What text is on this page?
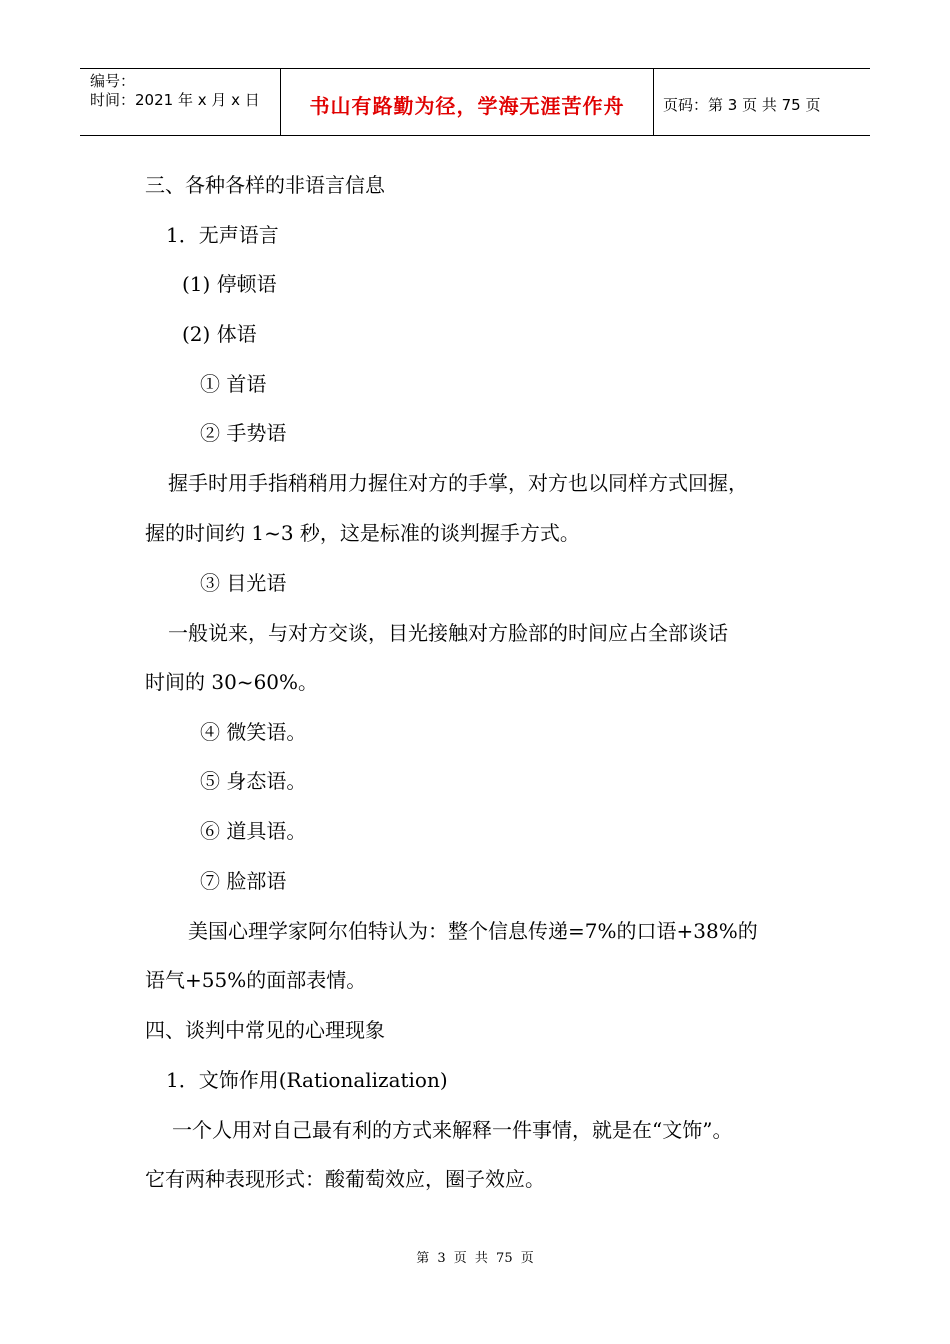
编号：
时间：2021 年 x 月 x 日	书山有路勤为径，学海无涯苦作舟	页码：第 3 页 共 75 页
三、各种各样的非语言信息
1．无声语言
(1) 停顿语
(2) 体语
① 首语
② 手势语
握手时用手指稍稍用力握住对方的手掌，对方也以同样方式回握，
握的时间约 1~3 秒，这是标准的谈判握手方式。
③ 目光语
一般说来，与对方交谈，目光接触对方脸部的时间应占全部谈话
时间的 30~60%。
④ 微笑语。
⑤ 身态语。
⑥ 道具语。
⑦ 脸部语
美国心理学家阿尔伯特认为：整个信息传递=7%的口语+38%的
语气+55%的面部表情。
四、谈判中常见的心理现象
1．文饰作用(Rationalization)
一个人用对自己最有利的方式来解释一件事情，就是在“文饰”。
它有两种表现形式：酸葡萄效应，圈子效应。
第 3 页 共 75 页
